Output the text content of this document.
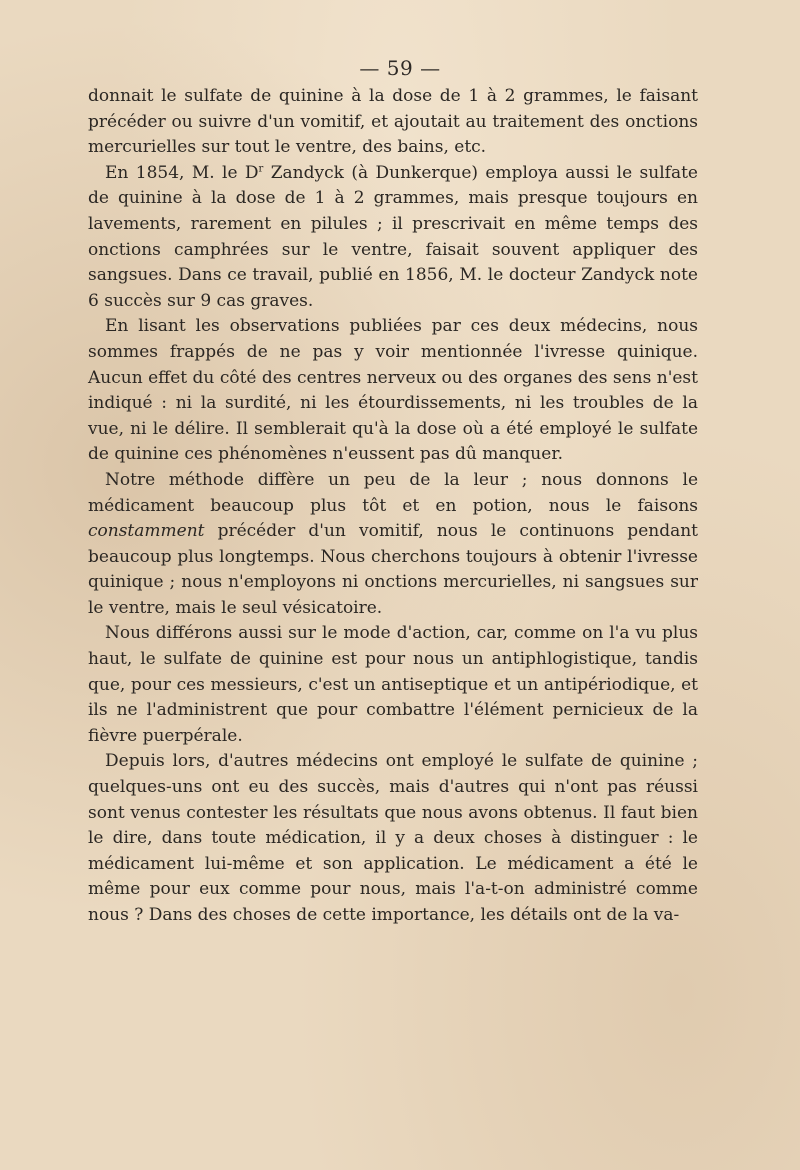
— 59 —

donnait le sulfate de quinine à la dose de 1 à 2 grammes, le faisant précéder ou suivre d'un vomitif, et ajoutait au traitement des onctions mercurielles sur tout le ventre, des bains, etc.

En 1854, M. le $D^r$ Zandyck (à Dunkerque) employa aussi le sulfate de quinine à la dose de 1 à 2 grammes, mais presque toujours en lavements, rarement en pilules ; il prescrivait en même temps des onctions camphrées sur le ventre, faisait souvent appliquer des sangsues. Dans ce travail, publié en 1856, M. le docteur Zandyck note 6 succès sur 9 cas graves.

En lisant les observations publiées par ces deux médecins, nous sommes frappés de ne pas y voir mentionnée l'ivresse quinique. Aucun effet du côté des centres nerveux ou des organes des sens n'est indiqué : ni la surdité, ni les étourdissements, ni les troubles de la vue, ni le délire. Il semblerait qu'à la dose où a été employé le sulfate de quinine ces phénomènes n'eussent pas dû manquer.

Notre méthode diffère un peu de la leur ; nous donnons le médicament beaucoup plus tôt et en potion, nous le faisons constamment précéder d'un vomitif, nous le continuons pendant beaucoup plus longtemps. Nous cherchons toujours à obtenir l'ivresse quinique ; nous n'employons ni onctions mercurielles, ni sangsues sur le ventre, mais le seul vésicatoire.

Nous différons aussi sur le mode d'action, car, comme on l'a vu plus haut, le sulfate de quinine est pour nous un antiphlogistique, tandis que, pour ces messieurs, c'est un antiseptique et un antipériodique, et ils ne l'administrent que pour combattre l'élément pernicieux de la fièvre puerpérale.

Depuis lors, d'autres médecins ont employé le sulfate de quinine ; quelques-uns ont eu des succès, mais d'autres qui n'ont pas réussi sont venus contester les résultats que nous avons obtenus. Il faut bien le dire, dans toute médication, il y a deux choses à distinguer : le médicament lui-même et son application. Le médicament a été le même pour eux comme pour nous, mais l'a-t-on administré comme nous ? Dans des choses de cette importance, les détails ont de la va-
